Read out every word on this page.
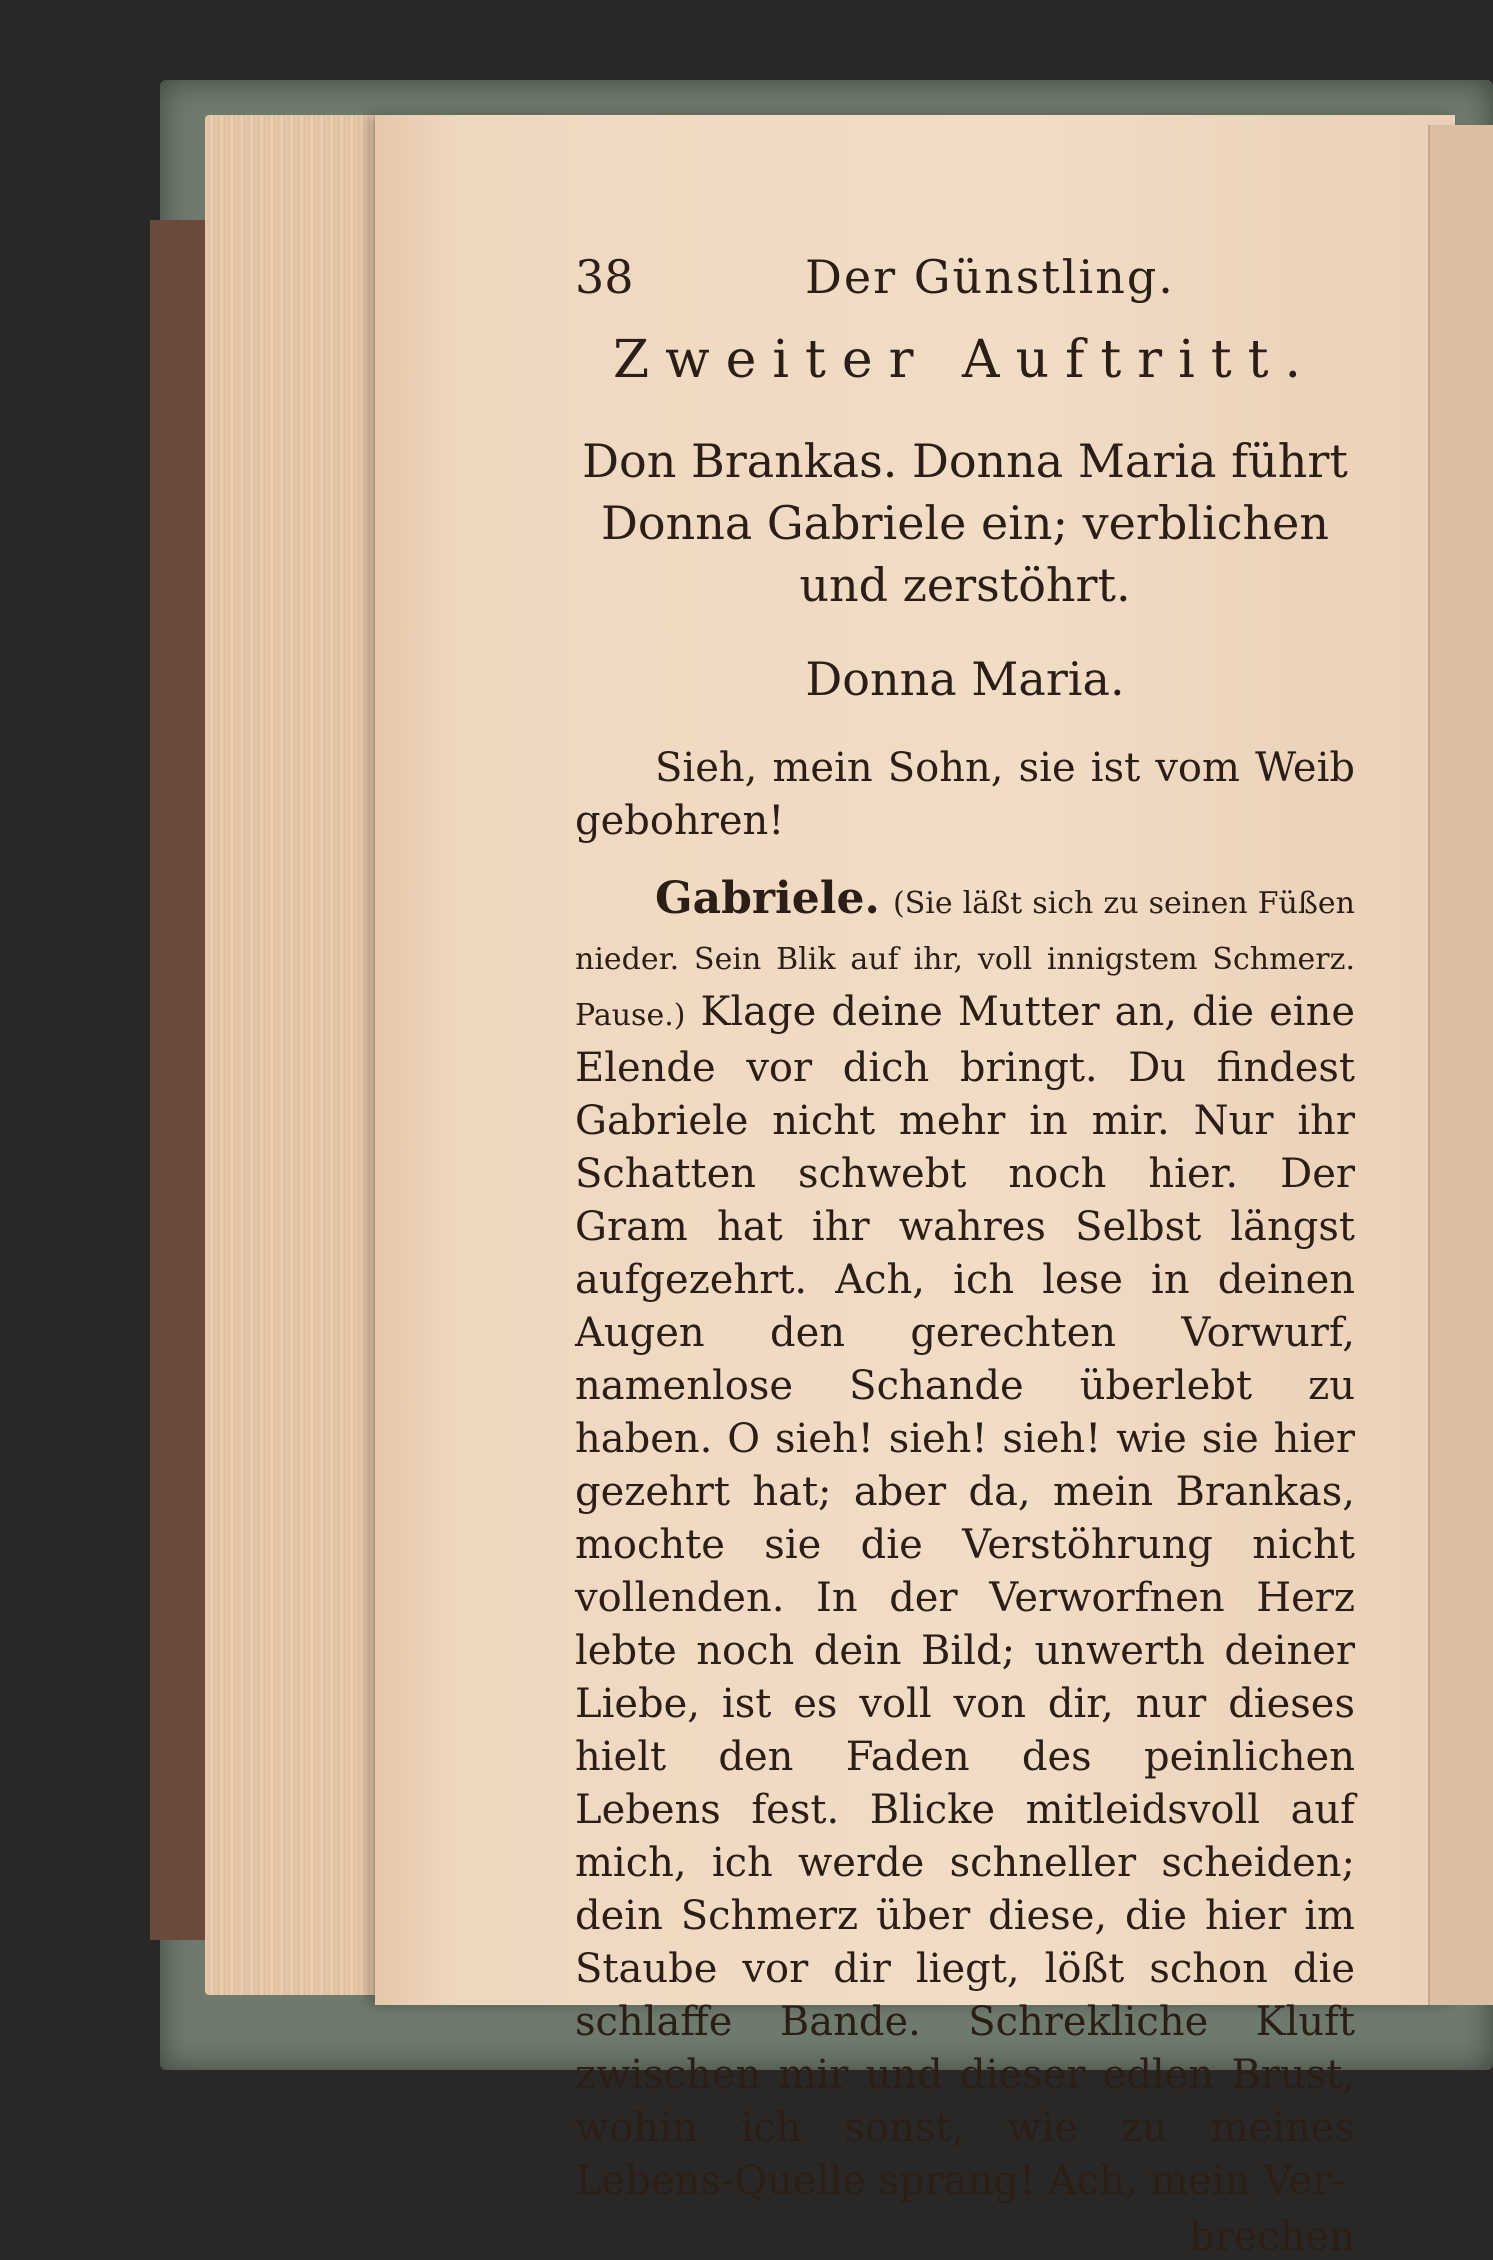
38	Der Günstling.
Zweiter Auftritt.
Don Brankas. Donna Maria führt Donna Gabriele ein; verblichen und zerstöhrt.
Donna Maria.
Sieh, mein Sohn, sie ist vom Weib gebohren!
Gabriele. (Sie läßt sich zu seinen Füßen nieder. Sein Blik auf ihr, voll innigstem Schmerz. Pause.) Klage deine Mutter an, die eine Elende vor dich bringt. Du findest Gabriele nicht mehr in mir. Nur ihr Schatten schwebt noch hier. Der Gram hat ihr wahres Selbst längst aufgezehrt. Ach, ich lese in deinen Augen den gerechten Vorwurf, namenlose Schande überlebt zu haben. O sieh! sieh! sieh! wie sie hier gezehrt hat; aber da, mein Brankas, mochte sie die Verstöhrung nicht vollenden. In der Verworfnen Herz lebte noch dein Bild; unwerth deiner Liebe, ist es voll von dir, nur dieses hielt den Faden des peinlichen Lebens fest. Blicke mitleidsvoll auf mich, ich werde schneller scheiden; dein Schmerz über diese, die hier im Staube vor dir liegt, lößt schon die schlaffe Bande. Schrekliche Kluft zwischen mir und dieser edlen Brust, wohin ich sonst, wie zu meines Lebens-Quelle sprang! Ach, mein Ver-
brechen
